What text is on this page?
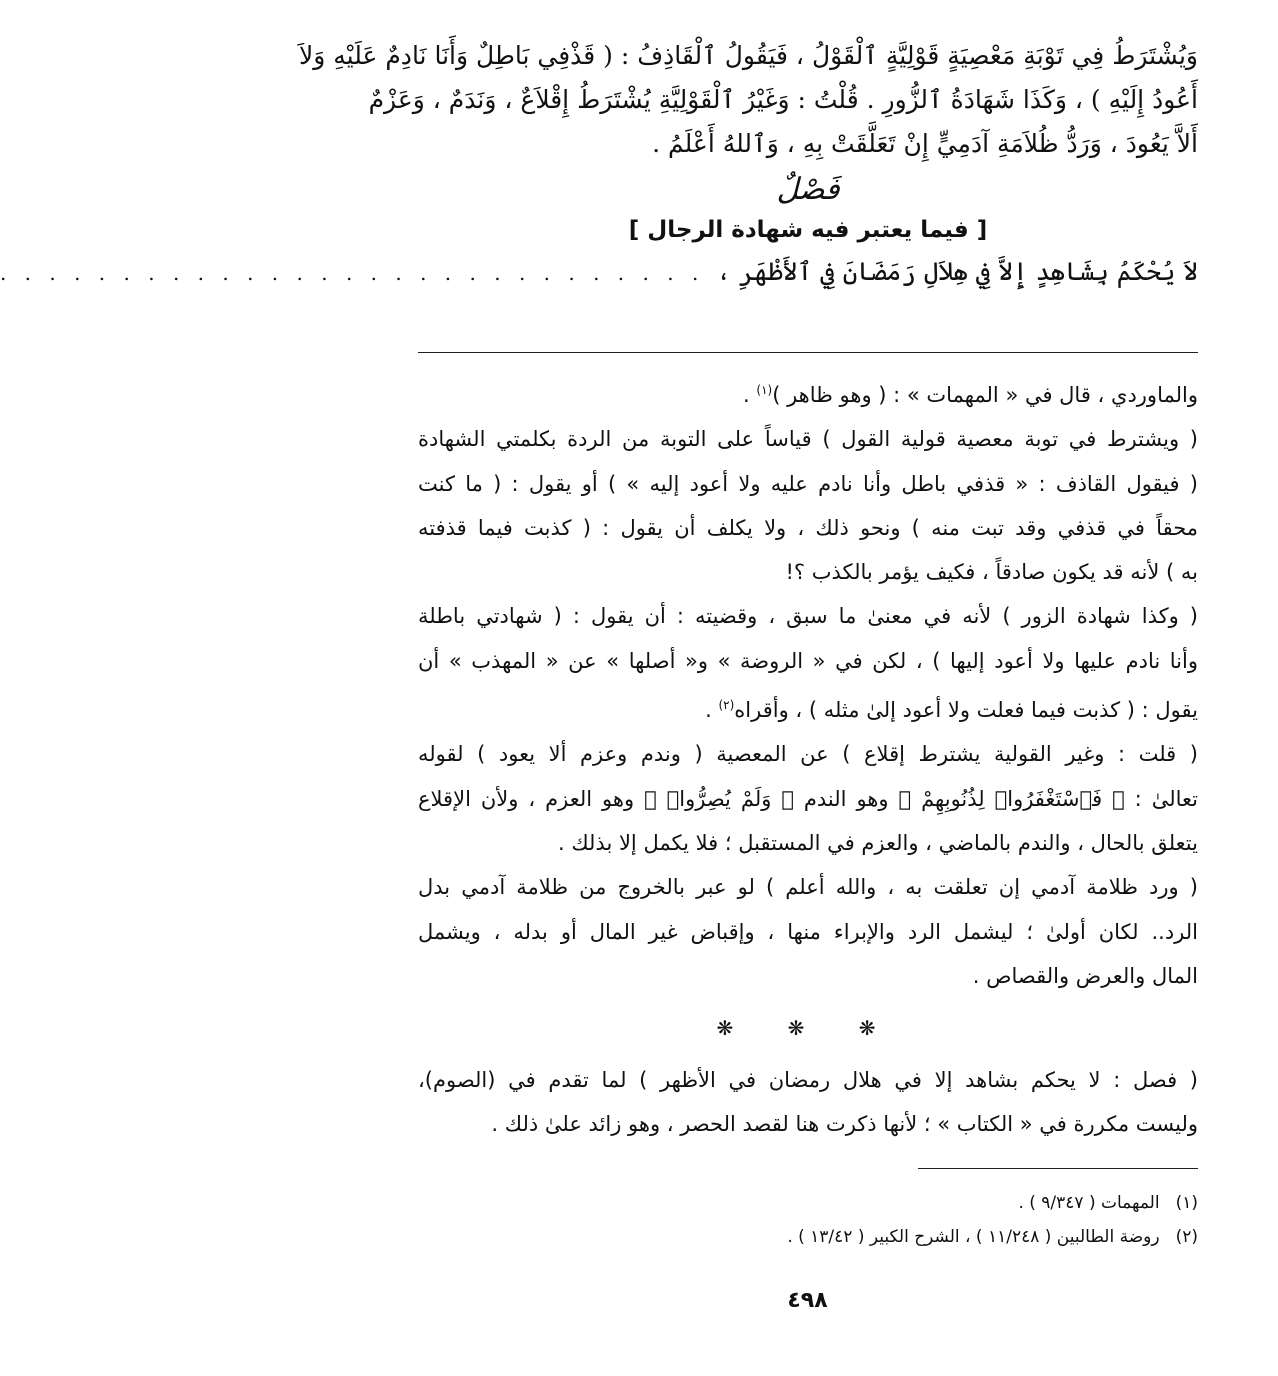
وَيُشْتَرَطُ فِي تَوْبَةِ مَعْصِيَةٍ قَوْلِيَّةٍ ٱلْقَوْلُ ، فَيَقُولُ ٱلْقَاذِفُ : ( قَذْفِي بَاطِلٌ وَأَنَا نَادِمٌ عَلَيْهِ وَلاَ
أَعُودُ إِلَيْهِ ) ، وَكَذَا شَهَادَةُ ٱلزُّورِ . قُلْتُ : وَغَيْرُ ٱلْقَوْلِيَّةِ يُشْتَرَطُ إِقْلاَعٌ ، وَنَدَمٌ ، وَعَزْمٌ
أَلاَّ يَعُودَ ، وَرَدُّ ظُلاَمَةِ آدَمِيٍّ إِنْ تَعَلَّقَتْ بِهِ ، وَٱللهُ أَعْلَمُ .
فَصْلٌ
[ فيما يعتبر فيه شهادة الرجال ]
لاَ يُحْكَمُ بِشَاهِدٍ إِلاَّ فِي هِلاَلِ رَمَضَانَ فِي ٱلأَظْهَرِ ،
. . . . . . . . . . . . . . . . . . . . . . . . . . . . .

والماوردي ، قال في « المهمات » : ( وهو ظاهر )$^{(١)}$ .

( ويشترط في توبة معصية قولية القول ) قياساً على التوبة من الردة بكلمتي الشهادة
( فيقول القاذف : « قذفي باطل وأنا نادم عليه ولا أعود إليه » ) أو يقول : ( ما كنت
محقاً في قذفي وقد تبت منه ) ونحو ذلك ، ولا يكلف أن يقول : ( كذبت فيما قذفته
به ) لأنه قد يكون صادقاً ، فكيف يؤمر بالكذب ؟!

( وكذا شهادة الزور ) لأنه في معنىٰ ما سبق ، وقضيته : أن يقول : ( شهادتي باطلة
وأنا نادم عليها ولا أعود إليها ) ، لكن في « الروضة » و« أصلها » عن « المهذب » أن
يقول : ( كذبت فيما فعلت ولا أعود إلىٰ مثله ) ، وأقراه$^{(٢)}$ .

( قلت : وغير القولية يشترط إقلاع ) عن المعصية ( وندم وعزم ألا يعود ) لقوله
تعالىٰ : ﴿ فَٱسْتَغْفَرُوا۟ لِذُنُوبِهِمْ ﴾ وهو الندم ﴿ وَلَمْ يُصِرُّوا۟ ﴾ وهو العزم ، ولأن الإقلاع
يتعلق بالحال ، والندم بالماضي ، والعزم في المستقبل ؛ فلا يكمل إلا بذلك .

( ورد ظلامة آدمي إن تعلقت به ، والله أعلم ) لو عبر بالخروج من ظلامة آدمي بدل
الرد.. لكان أولىٰ ؛ ليشمل الرد والإبراء منها ، وإقباض غير المال أو بدله ، ويشمل
المال والعرض والقصاص .

❋ ❋ ❋

( فصل : لا يحكم بشاهد إلا في هلال رمضان في الأظهر ) لما تقدم في (الصوم)،
وليست مكررة في « الكتاب » ؛ لأنها ذكرت هنا لقصد الحصر ، وهو زائد علىٰ ذلك .

(١)المهمات ( ٩/٣٤٧ ) .
(٢)روضة الطالبين ( ١١/٢٤٨ ) ، الشرح الكبير ( ١٣/٤٢ ) .
٤٩٨
